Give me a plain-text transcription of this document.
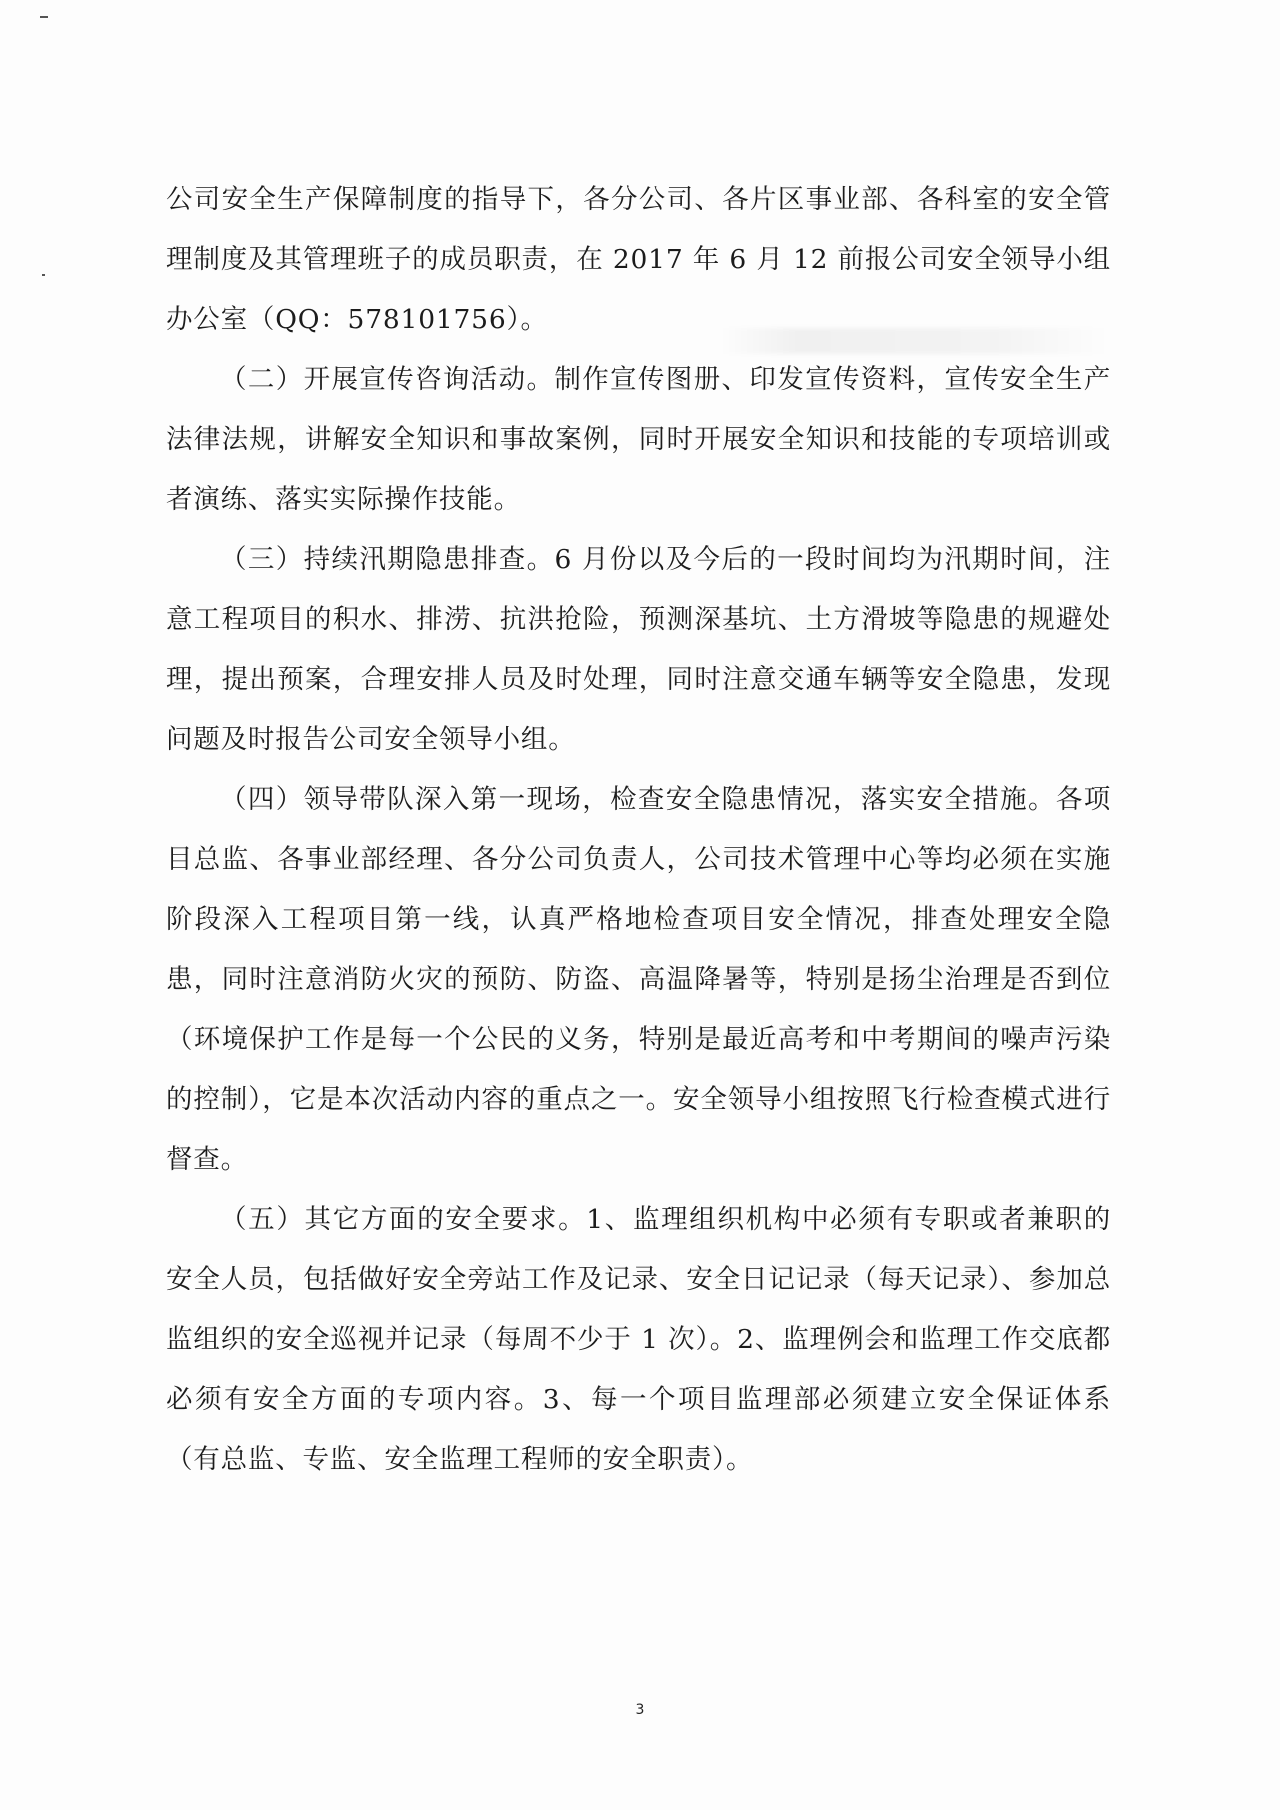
公司安全生产保障制度的指导下，各分公司、各片区事业部、各科室的安全管理制度及其管理班子的成员职责，在 2017 年 6 月 12 前报公司安全领导小组办公室（QQ：578101756）。

（二）开展宣传咨询活动。制作宣传图册、印发宣传资料，宣传安全生产法律法规，讲解安全知识和事故案例，同时开展安全知识和技能的专项培训或者演练、落实实际操作技能。

（三）持续汛期隐患排查。6 月份以及今后的一段时间均为汛期时间，注意工程项目的积水、排涝、抗洪抢险，预测深基坑、土方滑坡等隐患的规避处理，提出预案，合理安排人员及时处理，同时注意交通车辆等安全隐患，发现问题及时报告公司安全领导小组。

（四）领导带队深入第一现场，检查安全隐患情况，落实安全措施。各项目总监、各事业部经理、各分公司负责人，公司技术管理中心等均必须在实施阶段深入工程项目第一线，认真严格地检查项目安全情况，排查处理安全隐患，同时注意消防火灾的预防、防盗、高温降暑等，特别是扬尘治理是否到位（环境保护工作是每一个公民的义务，特别是最近高考和中考期间的噪声污染的控制），它是本次活动内容的重点之一。安全领导小组按照飞行检查模式进行督查。

（五）其它方面的安全要求。1、监理组织机构中必须有专职或者兼职的安全人员，包括做好安全旁站工作及记录、安全日记记录（每天记录）、参加总监组织的安全巡视并记录（每周不少于 1 次）。2、监理例会和监理工作交底都必须有安全方面的专项内容。3、每一个项目监理部必须建立安全保证体系（有总监、专监、安全监理工程师的安全职责）。

3
